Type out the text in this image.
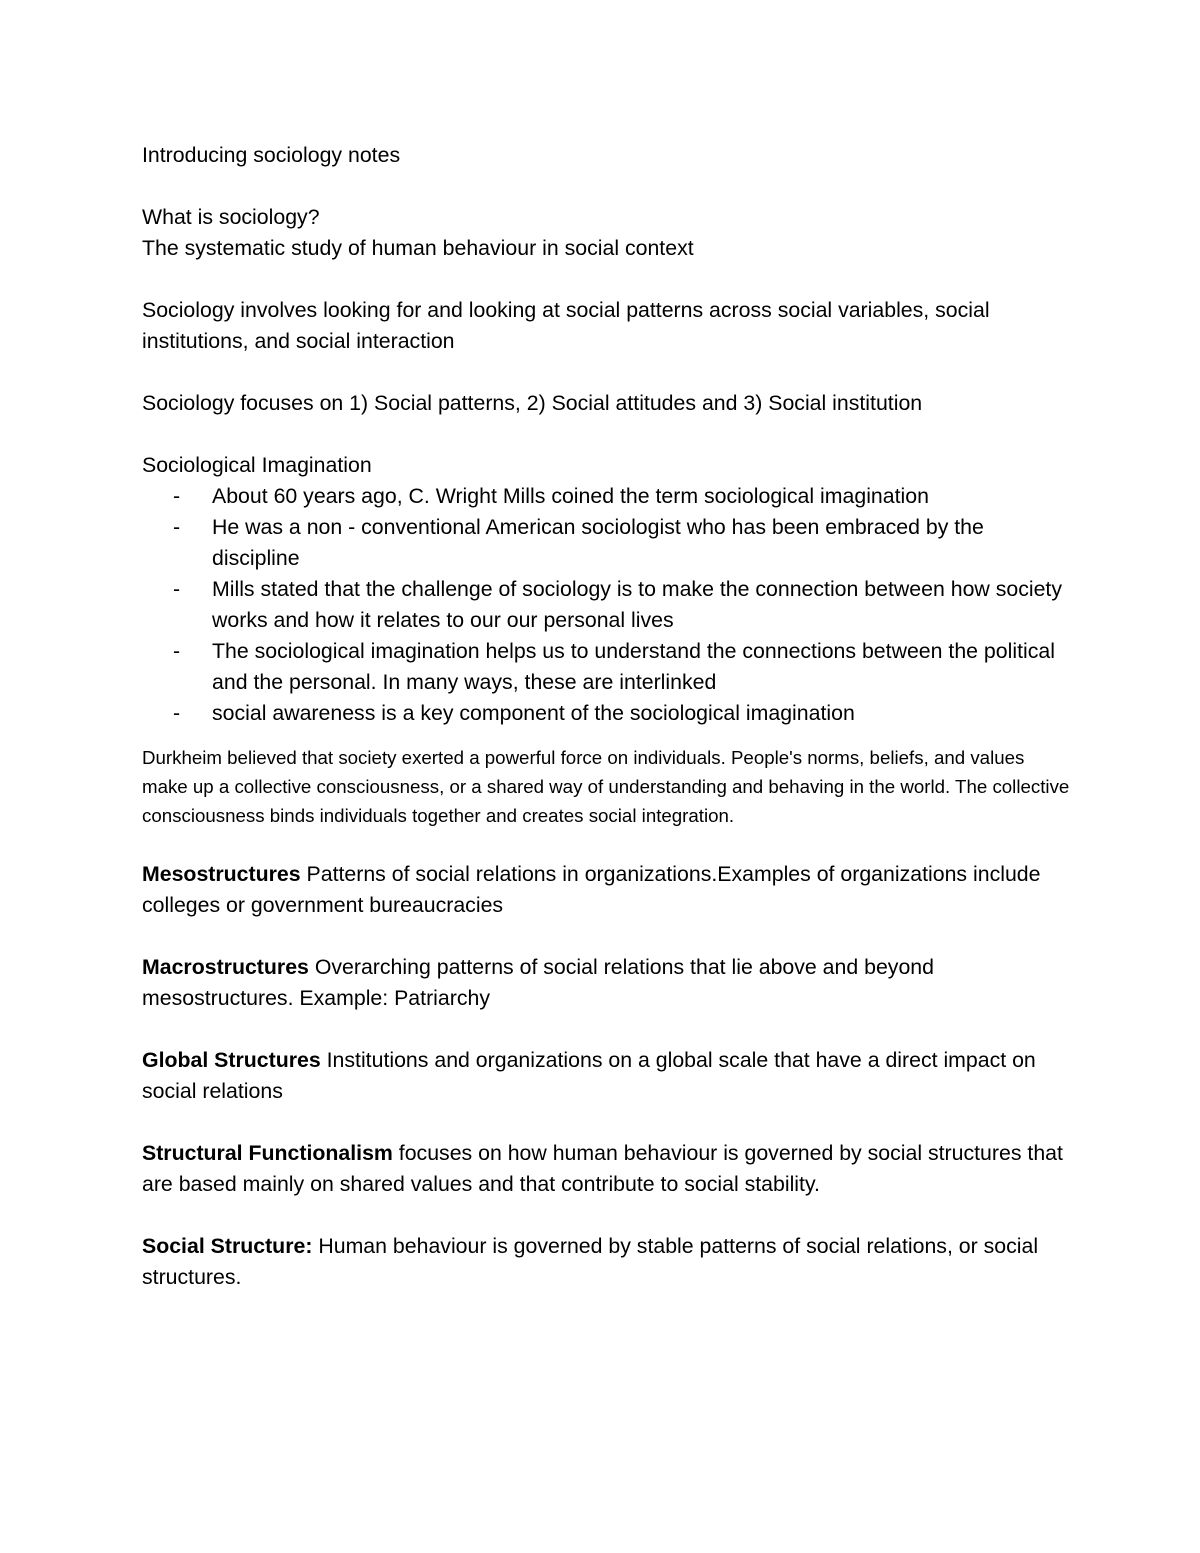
Introducing sociology notes

What is sociology?

The systematic study of human behaviour in social context

Sociology involves looking for and looking at social patterns across social variables, social institutions, and social interaction

Sociology focuses on 1) Social patterns, 2) Social attitudes and 3) Social institution

Sociological Imagination

- About 60 years ago, C. Wright Mills coined the term sociological imagination
- He was a non - conventional American sociologist who has been embraced by the discipline
- Mills stated that the challenge of sociology is to make the connection between how society works and how it relates to our our personal lives
- The sociological imagination helps us to understand the connections between the political and the personal. In many ways, these are interlinked
- social awareness is a key component of the sociological imagination

Durkheim believed that society exerted a powerful force on individuals. People's norms, beliefs, and values make up a collective consciousness, or a shared way of understanding and behaving in the world. The collective consciousness binds individuals together and creates social integration.

Mesostructures Patterns of social relations in organizations.Examples of organizations include colleges or government bureaucracies

Macrostructures Overarching patterns of social relations that lie above and beyond mesostructures. Example: Patriarchy

Global Structures Institutions and organizations on a global scale that have a direct impact on social relations

Structural Functionalism focuses on how human behaviour is governed by social structures that are based mainly on shared values and that contribute to social stability.

Social Structure: Human behaviour is governed by stable patterns of social relations, or social structures.
